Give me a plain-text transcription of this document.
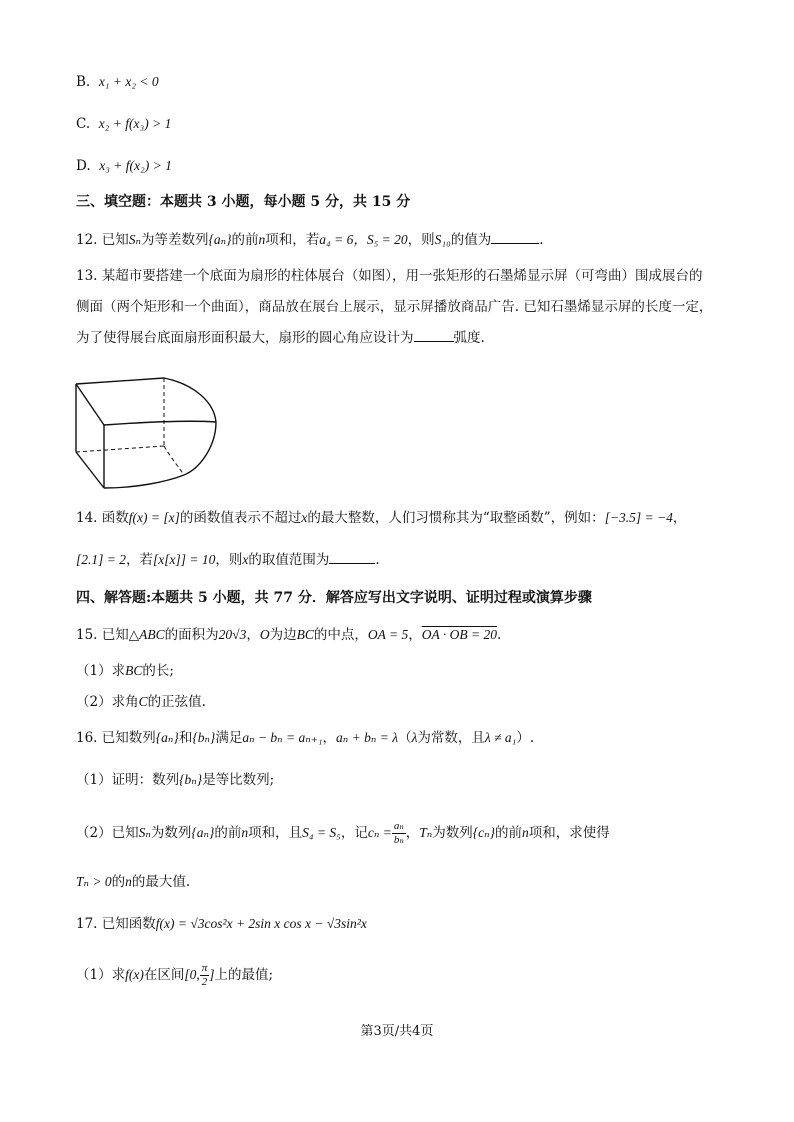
B. x₁ + x₂ < 0
C. x₂ + f(x₃) > 1
D. x₃ + f(x₂) > 1
三、填空题：本题共 3 小题，每小题 5 分，共 15 分
12. 已知Sₙ为等差数列{aₙ}的前n项和，若a₄ = 6，S₅ = 20，则S₁₀的值为	.
13. 某超市要搭建一个底面为扇形的柱体展台（如图），用一张矩形的石墨烯显示屏（可弯曲）围成展台的
侧面（两个矩形和一个曲面），商品放在展台上展示，显示屏播放商品广告. 已知石墨烯显示屏的长度一定，
为了使得展台底面扇形面积最大，扇形的圆心角应设计为	弧度.
14. 函数f(x) = [x]的函数值表示不超过x的最大整数，人们习惯称其为“取整函数”，例如：[−3.5] = −4，
[2.1] = 2，若[x[x]] = 10，则x的取值范围为	.
四、解答题:本题共 5 小题，共 77 分．解答应写出文字说明、证明过程或演算步骤
15. 已知△ABC的面积为20√3，O为边BC的中点，OA = 5，OA · OB = 20.
（1）求BC的长;
（2）求角C的正弦值.
16. 已知数列{aₙ}和{bₙ}满足aₙ − bₙ = aₙ₊₁，aₙ + bₙ = λ（λ为常数，且λ ≠ a₁）.
（1）证明：数列{bₙ}是等比数列;
（2）已知Sₙ为数列{aₙ}的前n项和，且S₄ = S₅，记$c_n = \frac{\text{aₙ}}{\text{bₙ}}$ ，Tₙ为数列{cₙ}的前n项和，求使得
Tₙ > 0的n的最大值.
17. 已知函数f(x) = √3cos²x + 2sin x cos x − √3sin²x
（1）求f(x)在区间[0, $\frac{\pi}{2}$ ]上的最值;
第3页/共4页
